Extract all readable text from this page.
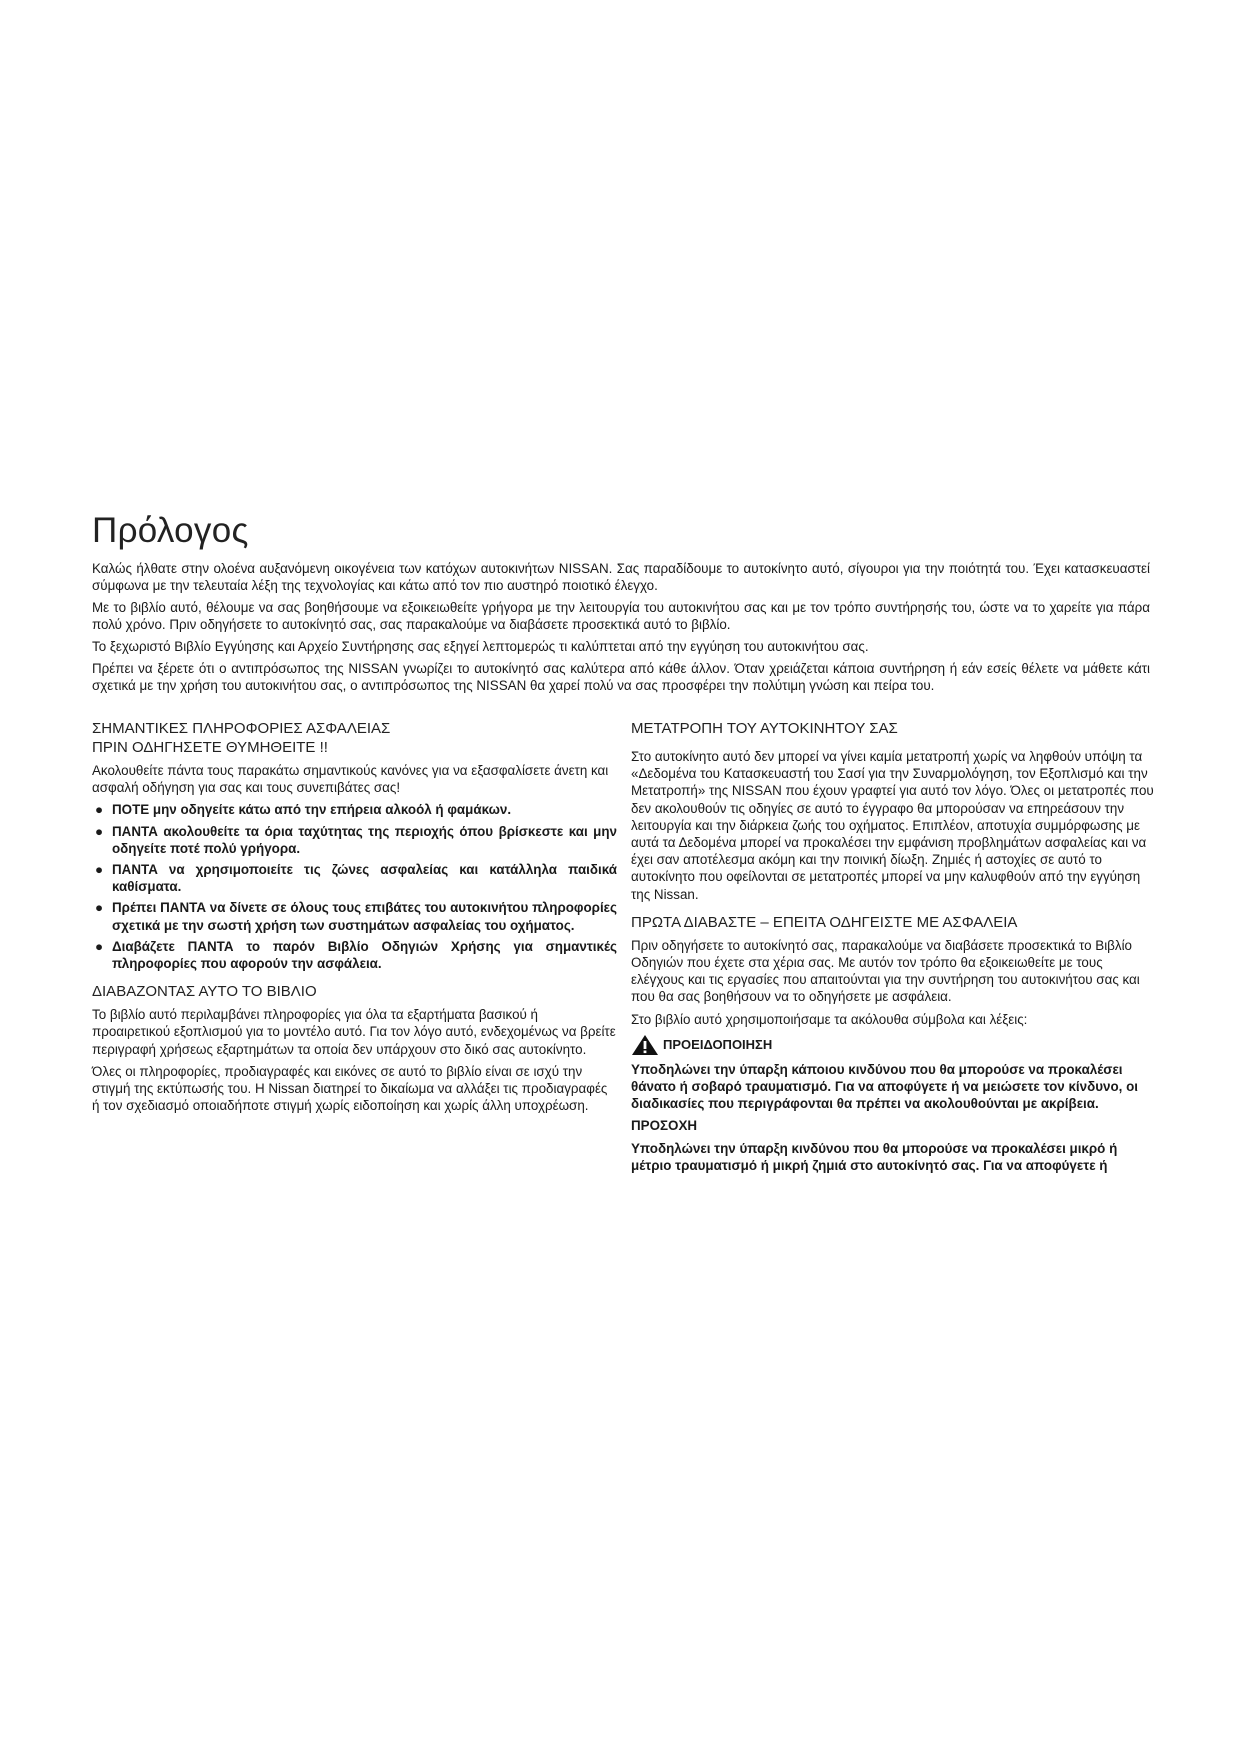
Πρόλογος

Καλώς ήλθατε στην ολοένα αυξανόμενη οικογένεια των κατόχων αυτοκινήτων NISSAN. Σας παραδίδουμε το αυτοκίνητο αυτό, σίγουροι για την ποιότητά του. Έχει κατασκευαστεί σύμφωνα με την τελευταία λέξη της τεχνολογίας και κάτω από τον πιο αυστηρό ποιοτικό έλεγχο.

Με το βιβλίο αυτό, θέλουμε να σας βοηθήσουμε να εξοικειωθείτε γρήγορα με την λειτουργία του αυτοκινήτου σας και με τον τρόπο συντήρησής του, ώστε να το χαρείτε για πάρα πολύ χρόνο. Πριν οδηγήσετε το αυτοκίνητό σας, σας παρακαλούμε να διαβάσετε προσεκτικά αυτό το βιβλίο.

Το ξεχωριστό Βιβλίο Εγγύησης και Αρχείο Συντήρησης σας εξηγεί λεπτομερώς τι καλύπτεται από την εγγύηση του αυτοκινήτου σας.

Πρέπει να ξέρετε ότι ο αντιπρόσωπος της NISSAN γνωρίζει το αυτοκίνητό σας καλύτερα από κάθε άλλον. Όταν χρειάζεται κάποια συντήρηση ή εάν εσείς θέλετε να μάθετε κάτι σχετικά με την χρήση του αυτοκινήτου σας, ο αντιπρόσωπος της NISSAN θα χαρεί πολύ να σας προσφέρει την πολύτιμη γνώση και πείρα του.

ΣΗΜΑΝΤΙΚΕΣ ΠΛΗΡΟΦΟΡΙΕΣ ΑΣΦΑΛΕΙΑΣ
ΠΡΙΝ ΟΔΗΓΗΣΕΤΕ ΘΥΜΗΘΕΙΤΕ !!

Ακολουθείτε πάντα τους παρακάτω σημαντικούς κανόνες για να εξασφαλίσετε άνετη και ασφαλή οδήγηση για σας και τους συνεπιβάτες σας!

● ΠΟΤΕ μην οδηγείτε κάτω από την επήρεια αλκοόλ ή φαμάκων.
● ΠΑΝΤΑ ακολουθείτε τα όρια ταχύτητας της περιοχής όπου βρίσκεστε και μην οδηγείτε ποτέ πολύ γρήγορα.
● ΠΑΝΤΑ να χρησιμοποιείτε τις ζώνες ασφαλείας και κατάλληλα παιδικά καθίσματα.
● Πρέπει ΠΑΝΤΑ να δίνετε σε όλους τους επιβάτες του αυτοκινήτου πληροφορίες σχετικά με την σωστή χρήση των συστημάτων ασφαλείας του οχήματος.
● Διαβάζετε ΠΑΝΤΑ το παρόν Βιβλίο Οδηγιών Χρήσης για σημαντικές πληροφορίες που αφορούν την ασφάλεια.
ΔΙΑΒΑΖΟΝΤΑΣ ΑΥΤΟ ΤΟ ΒΙΒΛΙΟ

Το βιβλίο αυτό περιλαμβάνει πληροφορίες για όλα τα εξαρτήματα βασικού ή προαιρετικού εξοπλισμού για το μοντέλο αυτό. Για τον λόγο αυτό, ενδεχομένως να βρείτε περιγραφή χρήσεως εξαρτημάτων τα οποία δεν υπάρχουν στο δικό σας αυτοκίνητο.

Όλες οι πληροφορίες, προδιαγραφές και εικόνες σε αυτό το βιβλίο είναι σε ισχύ την στιγμή της εκτύπωσής του. Η Nissan διατηρεί το δικαίωμα να αλλάξει τις προδιαγραφές ή τον σχεδιασμό οποιαδήποτε στιγμή χωρίς ειδοποίηση και χωρίς άλλη υποχρέωση.

ΜΕΤΑΤΡΟΠΗ ΤΟΥ ΑΥΤΟΚΙΝΗΤΟΥ ΣΑΣ

Στο αυτοκίνητο αυτό δεν μπορεί να γίνει καμία μετατροπή χωρίς να ληφθούν υπόψη τα «Δεδομένα του Κατασκευαστή του Σασί για την Συναρμολόγηση, τον Εξοπλισμό και την Μετατροπή» της NISSAN που έχουν γραφτεί για αυτό τον λόγο. Όλες οι μετατροπές που δεν ακολουθούν τις οδηγίες σε αυτό το έγγραφο θα μπορούσαν να επηρεάσουν την λειτουργία και την διάρκεια ζωής του οχήματος. Επιπλέον, αποτυχία συμμόρφωσης με αυτά τα Δεδομένα μπορεί να προκαλέσει την εμφάνιση προβλημάτων ασφαλείας και να έχει σαν αποτέλεσμα ακόμη και την ποινική δίωξη. Ζημιές ή αστοχίες σε αυτό το αυτοκίνητο που οφείλονται σε μετατροπές μπορεί να μην καλυφθούν από την εγγύηση της Nissan.

ΠΡΩΤΑ ΔΙΑΒΑΣΤΕ – ΕΠΕΙΤΑ ΟΔΗΓΕΙΣΤΕ ΜΕ ΑΣΦΑΛΕΙΑ

Πριν οδηγήσετε το αυτοκίνητό σας, παρακαλούμε να διαβάσετε προσεκτικά το Βιβλίο Οδηγιών που έχετε στα χέρια σας. Με αυτόν τον τρόπο θα εξοικειωθείτε με τους ελέγχους και τις εργασίες που απαιτούνται για την συντήρηση του αυτοκινήτου σας και που θα σας βοηθήσουν να το οδηγήσετε με ασφάλεια.

Στο βιβλίο αυτό χρησιμοποιήσαμε τα ακόλουθα σύμβολα και λέξεις:

ΠΡΟΕΙΔΟΠΟΙΗΣΗ

Υποδηλώνει την ύπαρξη κάποιου κινδύνου που θα μπορούσε να προκαλέσει θάνατο ή σοβαρό τραυματισμό. Για να αποφύγετε ή να μειώσετε τον κίνδυνο, οι διαδικασίες που περιγράφονται θα πρέπει να ακολουθούνται με ακρίβεια.

ΠΡΟΣΟΧΗ

Υποδηλώνει την ύπαρξη κινδύνου που θα μπορούσε να προκαλέσει μικρό ή μέτριο τραυματισμό ή μικρή ζημιά στο αυτοκίνητό σας. Για να αποφύγετε ή
